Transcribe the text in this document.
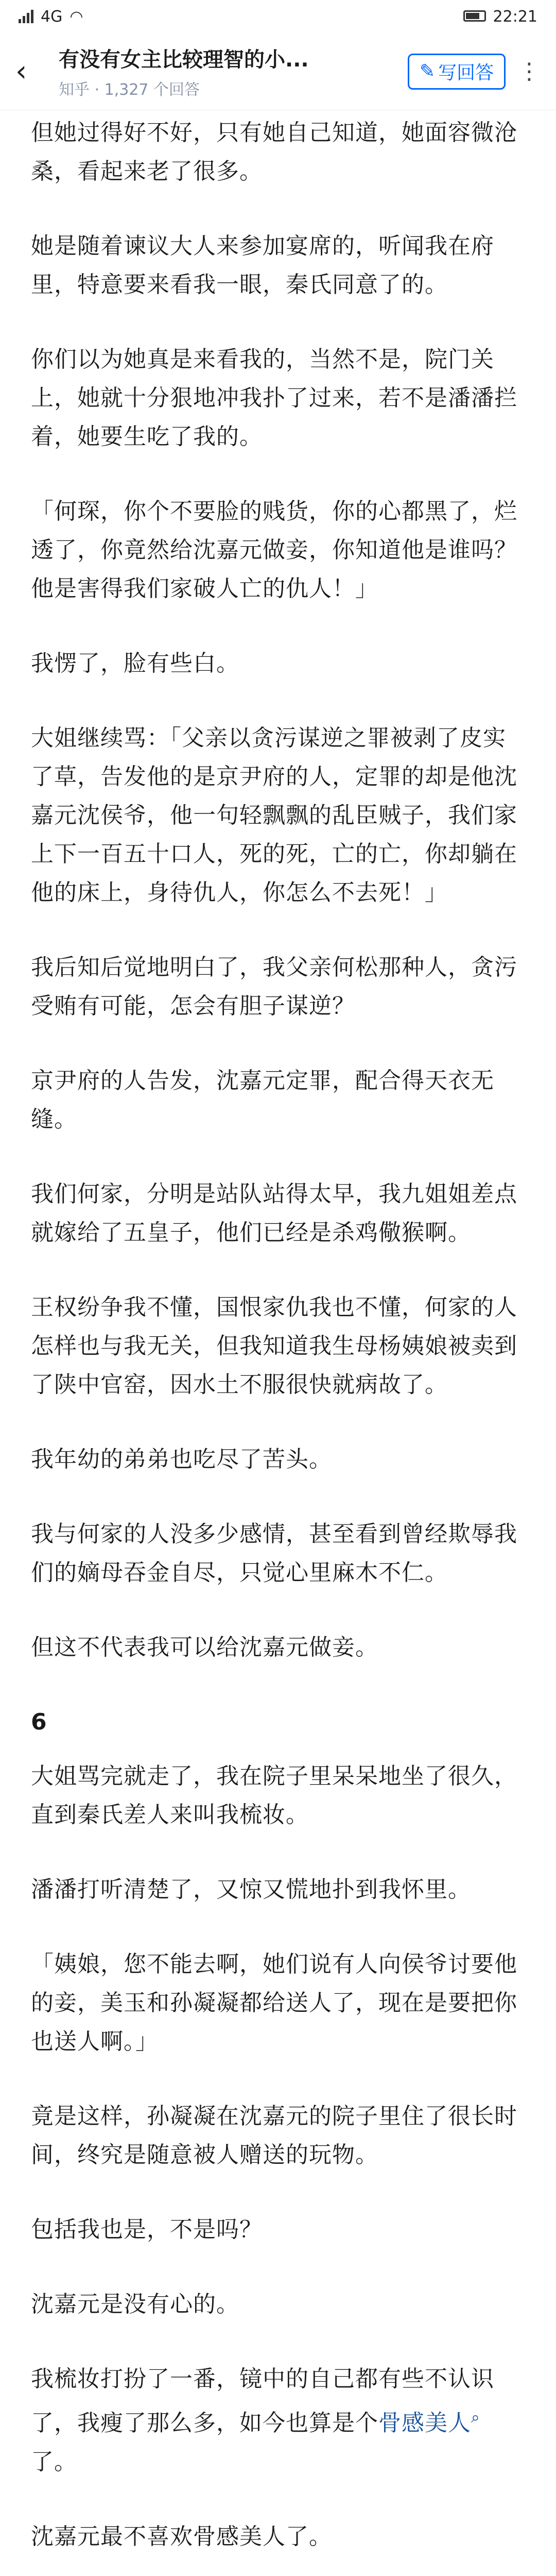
4G ◠	22:21
‹	有没有女主比较理智的小...
知乎 · 1,327 个回答
✎ 写回答 ⋮

但她过得好不好，只有她自己知道，她面容微沧桑，看起来老了很多。

她是随着谏议大人来参加宴席的，听闻我在府里，特意要来看我一眼，秦氏同意了的。

你们以为她真是来看我的，当然不是，院门关上，她就十分狠地冲我扑了过来，若不是潘潘拦着，她要生吃了我的。

「何琛，你个不要脸的贱货，你的心都黑了，烂透了，你竟然给沈嘉元做妾，你知道他是谁吗？他是害得我们家破人亡的仇人！」

我愣了，脸有些白。

大姐继续骂：「父亲以贪污谋逆之罪被剥了皮实了草，告发他的是京尹府的人，定罪的却是他沈嘉元沈侯爷，他一句轻飘飘的乱臣贼子，我们家上下一百五十口人，死的死，亡的亡，你却躺在他的床上，身待仇人，你怎么不去死！」

我后知后觉地明白了，我父亲何松那种人，贪污受贿有可能，怎会有胆子谋逆？

京尹府的人告发，沈嘉元定罪，配合得天衣无缝。

我们何家，分明是站队站得太早，我九姐姐差点就嫁给了五皇子，他们已经是杀鸡儆猴啊。

王权纷争我不懂，国恨家仇我也不懂，何家的人怎样也与我无关，但我知道我生母杨姨娘被卖到了陕中官窑，因水土不服很快就病故了。

我年幼的弟弟也吃尽了苦头。

我与何家的人没多少感情，甚至看到曾经欺辱我们的嫡母吞金自尽，只觉心里麻木不仁。

但这不代表我可以给沈嘉元做妾。

6

大姐骂完就走了，我在院子里呆呆地坐了很久，直到秦氏差人来叫我梳妆。

潘潘打听清楚了，又惊又慌地扑到我怀里。

「姨娘，您不能去啊，她们说有人向侯爷讨要他的妾，美玉和孙凝凝都给送人了，现在是要把你也送人啊。」

竟是这样，孙凝凝在沈嘉元的院子里住了很长时间，终究是随意被人赠送的玩物。

包括我也是，不是吗？

沈嘉元是没有心的。

我梳妆打扮了一番，镜中的自己都有些不认识了，我瘦了那么多，如今也算是个骨感美人⌕了。

沈嘉元最不喜欢骨感美人了。
